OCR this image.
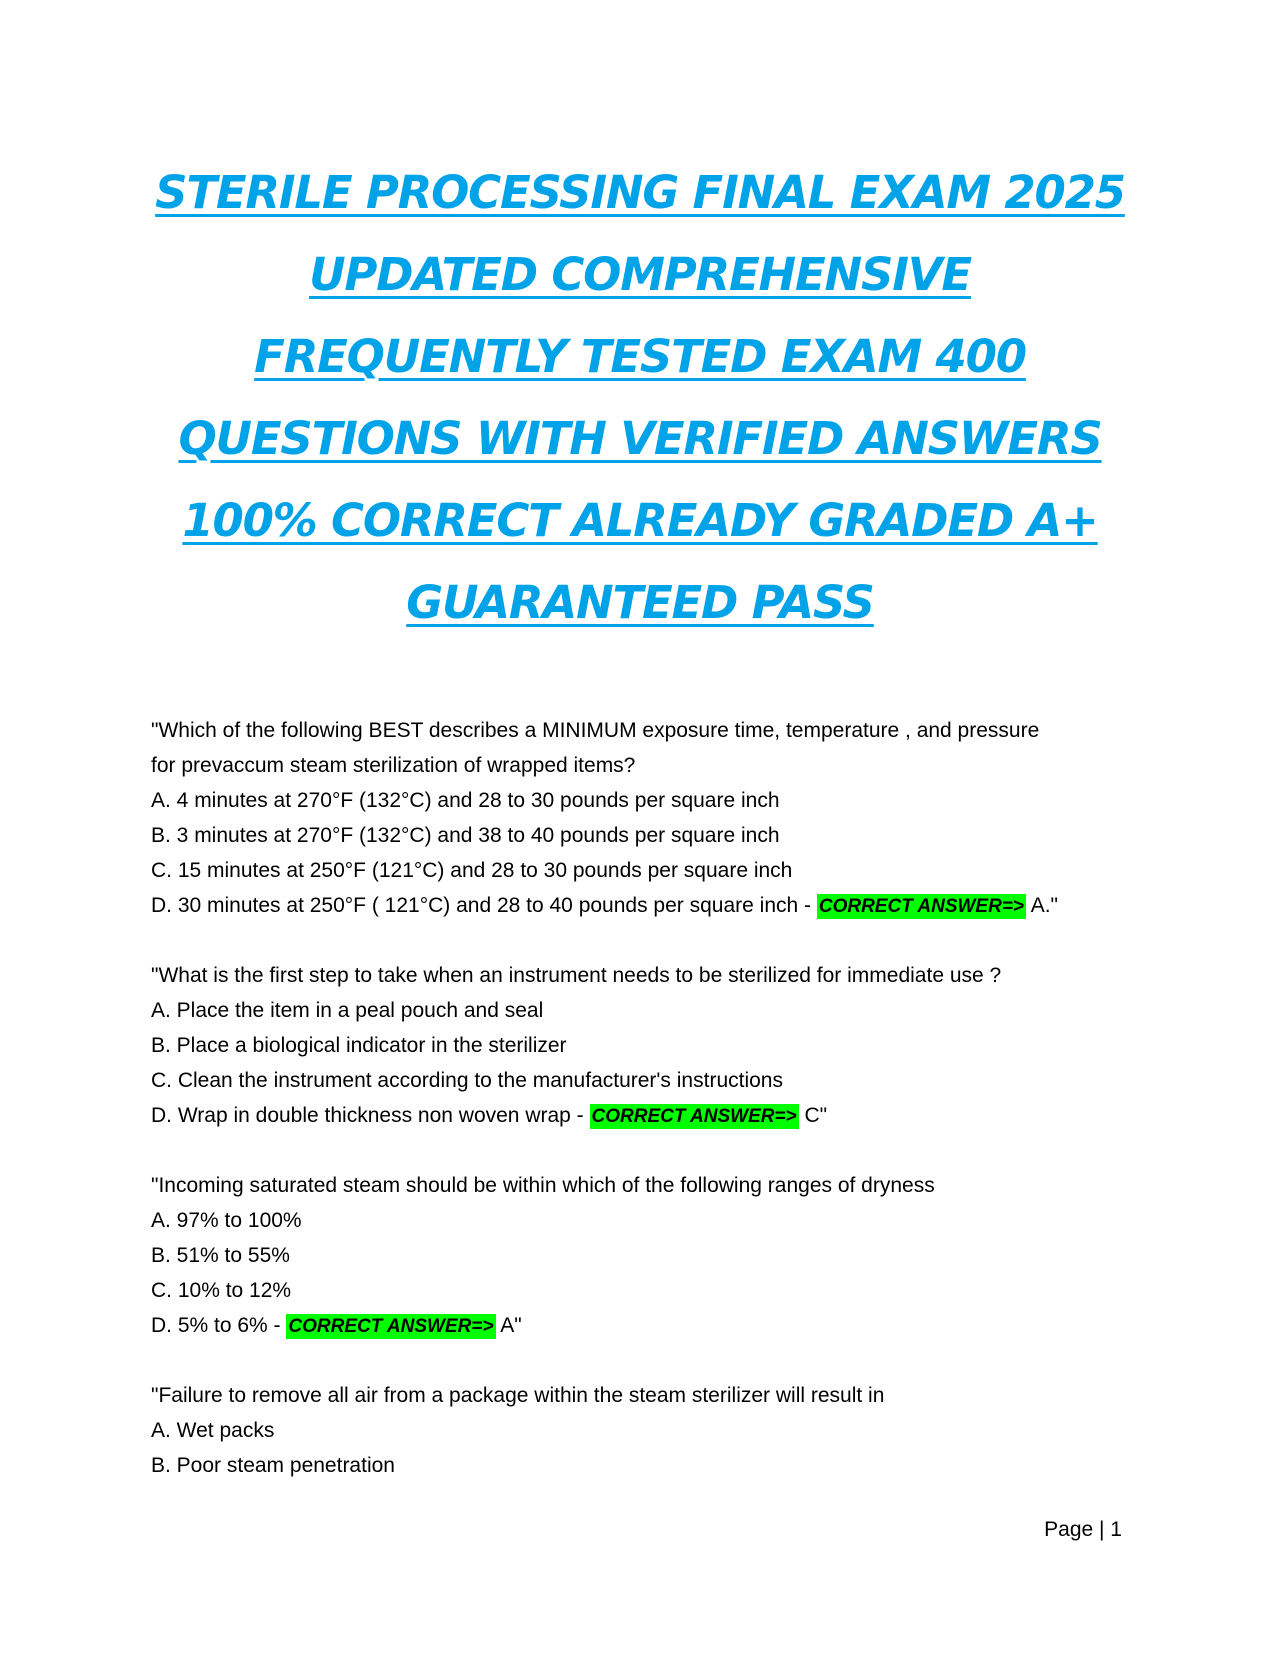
STERILE PROCESSING FINAL EXAM 2025
UPDATED COMPREHENSIVE
FREQUENTLY TESTED EXAM 400
QUESTIONS WITH VERIFIED ANSWERS
100% CORRECT ALREADY GRADED A+
GUARANTEED PASS
"Which of the following BEST describes a MINIMUM exposure time, temperature , and pressure
for prevaccum steam sterilization of wrapped items?
A. 4 minutes at 270°F (132°C) and 28 to 30 pounds per square inch
B. 3 minutes at 270°F (132°C) and 38 to 40 pounds per square inch
C. 15 minutes at 250°F (121°C) and 28 to 30 pounds per square inch
D. 30 minutes at 250°F ( 121°C) and 28 to 40 pounds per square inch - CORRECT ANSWER=> A."
"What is the first step to take when an instrument needs to be sterilized for immediate use ?
A. Place the item in a peal pouch and seal
B. Place a biological indicator in the sterilizer
C. Clean the instrument according to the manufacturer's instructions
D. Wrap in double thickness non woven wrap - CORRECT ANSWER=> C"
"Incoming saturated steam should be within which of the following ranges of dryness
A. 97% to 100%
B. 51% to 55%
C. 10% to 12%
D. 5% to 6% - CORRECT ANSWER=> A"
"Failure to remove all air from a package within the steam sterilizer will result in
A. Wet packs
B. Poor steam penetration
Page | 1
